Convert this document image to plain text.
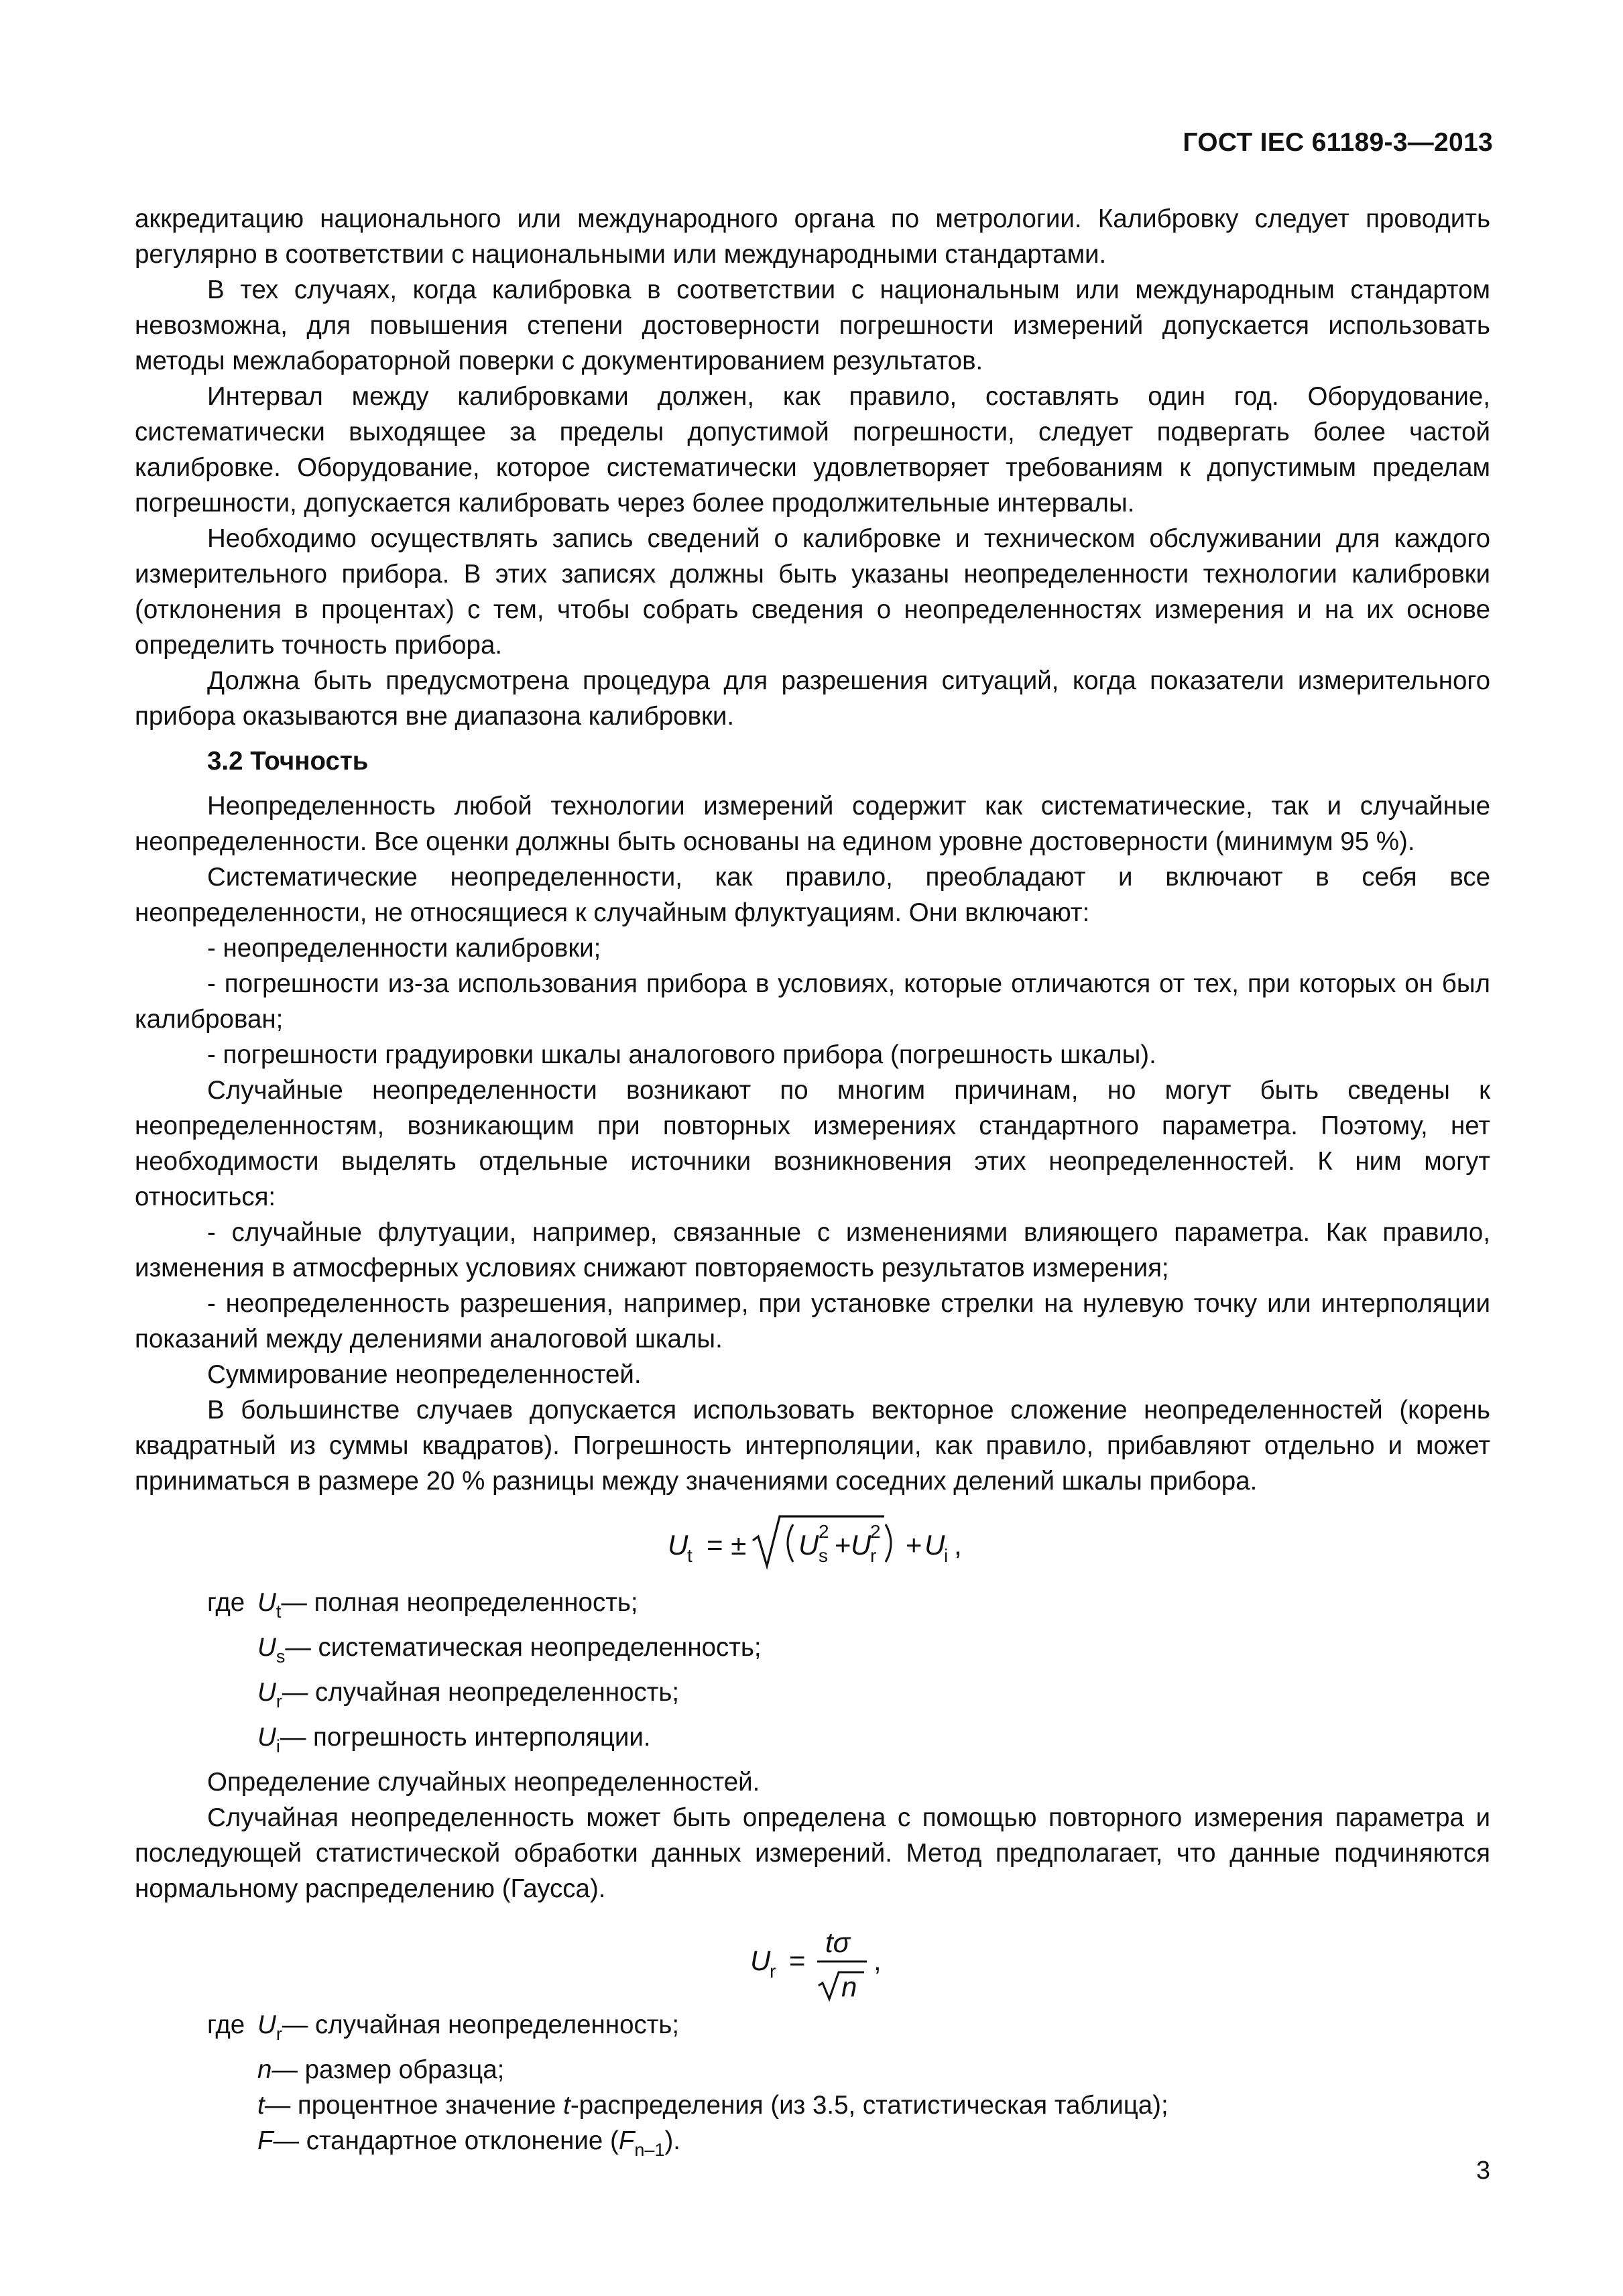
ГОСТ IEC 61189-3—2013

аккредитацию национального или международного органа по метрологии. Калибровку следует проводить регулярно в соответствии с национальными или международными стандартами.

В тех случаях, когда калибровка в соответствии с национальным или международным стандартом невозможна, для повышения степени достоверности погрешности измерений допускается использовать методы межлабораторной поверки с документированием результатов.

Интервал между калибровками должен, как правило, составлять один год. Оборудование, систематически выходящее за пределы допустимой погрешности, следует подвергать более частой калибровке. Оборудование, которое систематически удовлетворяет требованиям к допустимым пределам погрешности, допускается калибровать через более продолжительные интервалы.

Необходимо осуществлять запись сведений о калибровке и техническом обслуживании для каждого измерительного прибора. В этих записях должны быть указаны неопределенности технологии калибровки (отклонения в процентах) с тем, чтобы собрать сведения о неопределенностях измерения и на их основе определить точность прибора.

Должна быть предусмотрена процедура для разрешения ситуаций, когда показатели измерительного прибора оказываются вне диапазона калибровки.

3.2 Точность

Неопределенность любой технологии измерений содержит как систематические, так и случайные неопределенности. Все оценки должны быть основаны на едином уровне достоверности (минимум 95 %).

Систематические неопределенности, как правило, преобладают и включают в себя все неопределенности, не относящиеся к случайным флуктуациям. Они включают:

- неопределенности калибровки;

- погрешности из-за использования прибора в условиях, которые отличаются от тех, при которых он был калиброван;

- погрешности градуировки шкалы аналогового прибора (погрешность шкалы).

Случайные неопределенности возникают по многим причинам, но могут быть сведены к неопределенностям, возникающим при повторных измерениях стандартного параметра. Поэтому, нет необходимости выделять отдельные источники возникновения этих неопределенностей. К ним могут относиться:

- случайные флутуации, например, связанные с изменениями влияющего параметра. Как правило, изменения в атмосферных условиях снижают повторяемость результатов измерения;

- неопределенность разрешения, например, при установке стрелки на нулевую точку или интерполяции показаний между делениями аналоговой шкалы.

Суммирование неопределенностей.

В большинстве случаев допускается использовать векторное сложение неопределенностей (корень квадратный из суммы квадратов). Погрешность интерполяции, как правило, прибавляют отдельно и может приниматься в размере 20 % разницы между значениями соседних делений шкалы прибора.

U
t = ± U s
2 + U
r
2 + U
i ,
где $U_t—$ полная неопределенность;
$U_s—$ систематическая неопределенность;
$U_r—$ случайная неопределенность;
$U_i—$ погрешность интерполяции.

Определение случайных неопределенностей.

Случайная неопределенность может быть определена с помощью повторного измерения параметра и последующей статистической обработки данных измерений. Метод предполагает, что данные подчиняются нормальному распределению (Гаусса).

U
r =
tσ
n
,
где $U_r—$ случайная неопределенность;
n— размер образца;
t— процентное значение t-распределения (из 3.5, статистическая таблица);
F— стандартное отклонение $(F_{n-1})$.
3
